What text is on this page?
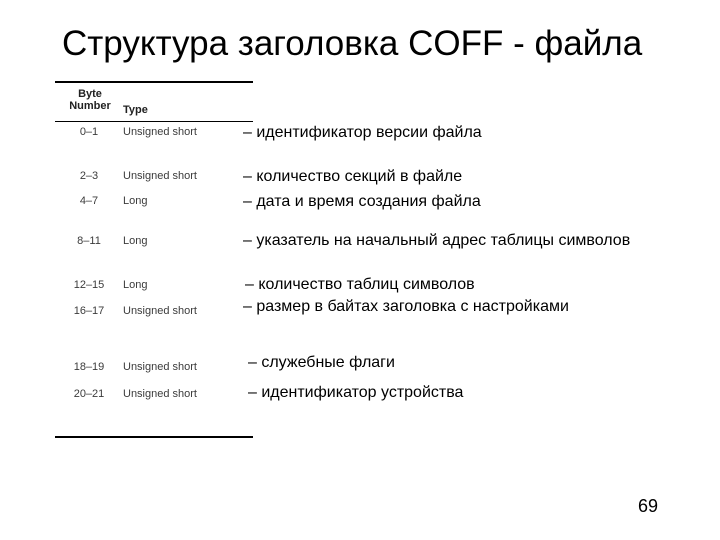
Структура заголовка COFF - файла
Byte
Number	Type
0–1	Unsigned short	– идентификатор версии файла
2–3	Unsigned short	– количество секций в файле
4–7	Long	– дата и время создания файла
8–11	Long	– указатель на начальный адрес таблицы символов
12–15	Long	– количество таблиц символов
16–17	Unsigned short	– размер в байтах заголовка с настройками
18–19	Unsigned short	– служебные флаги
20–21	Unsigned short	– идентификатор устройства
69
